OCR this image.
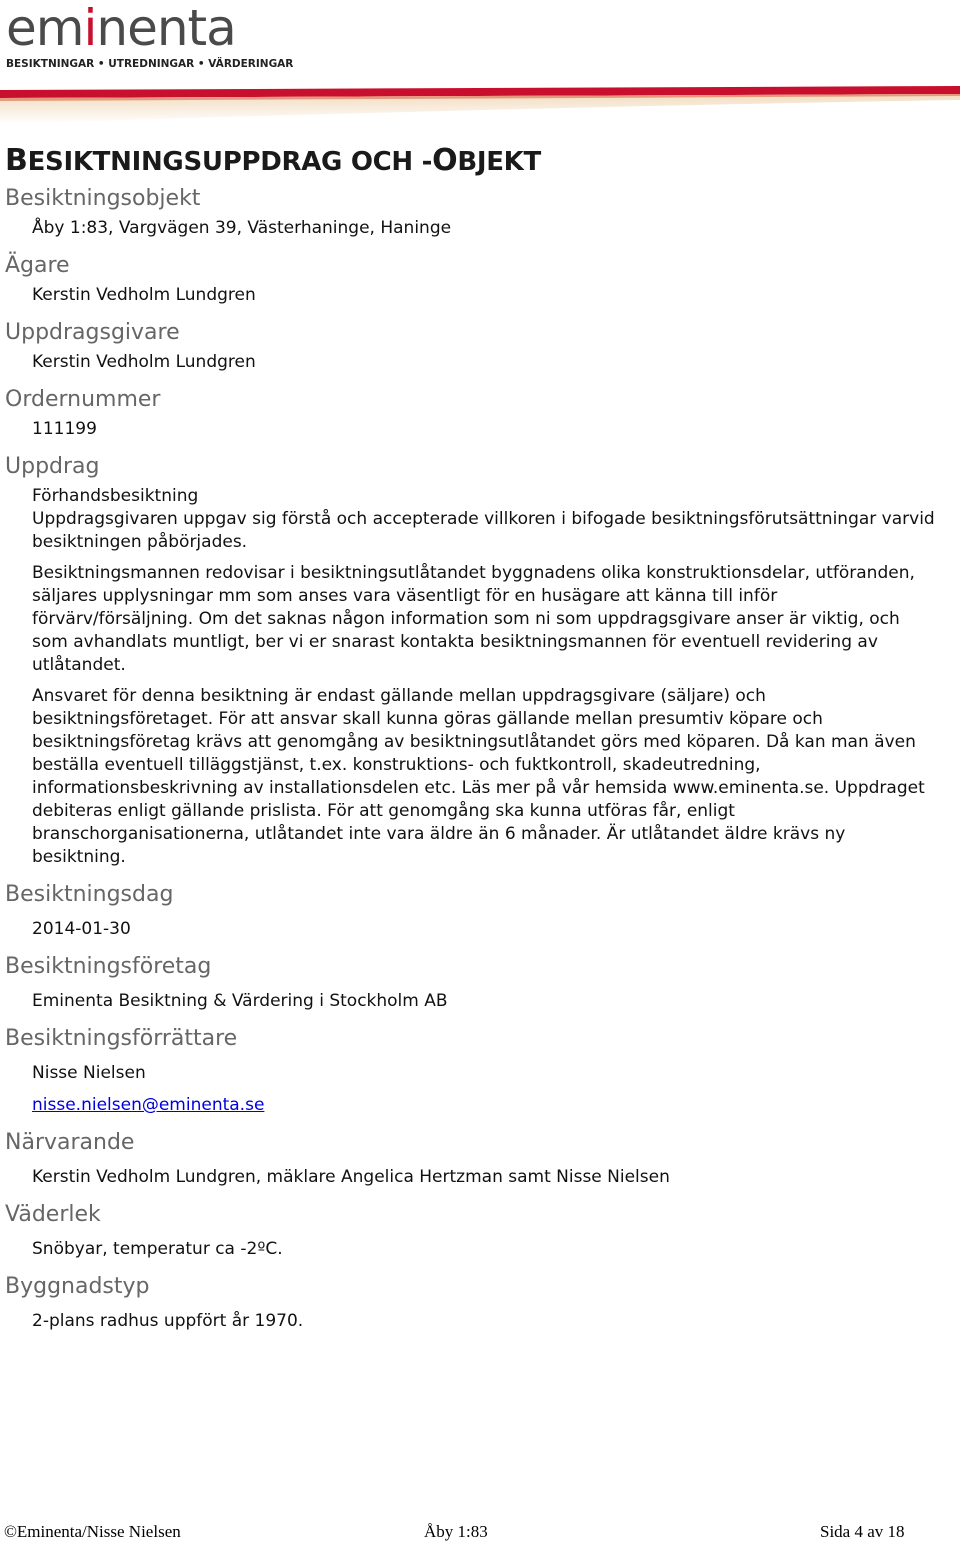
eminenta
BESIKTNINGAR • UTREDNINGAR • VÄRDERINGAR
BESIKTNINGSUPPDRAG OCH -OBJEKT
Besiktningsobjekt

Åby 1:83, Vargvägen 39, Västerhaninge, Haninge

Ägare

Kerstin Vedholm Lundgren

Uppdragsgivare

Kerstin Vedholm Lundgren

Ordernummer

111199

Uppdrag

Förhandsbesiktning

Uppdragsgivaren uppgav sig förstå och accepterade villkoren i bifogade besiktningsförutsättningar varvid besiktningen påbörjades.

Besiktningsmannen redovisar i besiktningsutlåtandet byggnadens olika konstruktionsdelar, utföranden, säljares upplysningar mm som anses vara väsentligt för en husägare att känna till inför förvärv/försäljning. Om det saknas någon information som ni som uppdragsgivare anser är viktig, och som avhandlats muntligt, ber vi er snarast kontakta besiktningsmannen för eventuell revidering av utlåtandet.

Ansvaret för denna besiktning är endast gällande mellan uppdragsgivare (säljare) och besiktningsföretaget. För att ansvar skall kunna göras gällande mellan presumtiv köpare och besiktningsföretag krävs att genomgång av besiktningsutlåtandet görs med köparen. Då kan man även beställa eventuell tilläggstjänst, t.ex. konstruktions- och fuktkontroll, skadeutredning, informationsbeskrivning av installationsdelen etc. Läs mer på vår hemsida www.eminenta.se. Uppdraget debiteras enligt gällande prislista. För att genomgång ska kunna utföras får, enligt branschorganisationerna, utlåtandet inte vara äldre än 6 månader. Är utlåtandet äldre krävs ny besiktning.

Besiktningsdag

2014-01-30

Besiktningsföretag

Eminenta Besiktning & Värdering i Stockholm AB

Besiktningsförrättare

Nisse Nielsen

nisse.nielsen@eminenta.se

Närvarande

Kerstin Vedholm Lundgren, mäklare Angelica Hertzman samt Nisse Nielsen

Väderlek

Snöbyar, temperatur ca -2ºC.

Byggnadstyp

2-plans radhus uppfört år 1970.

©Eminenta/Nisse Nielsen	Åby 1:83	Sida 4 av 18
